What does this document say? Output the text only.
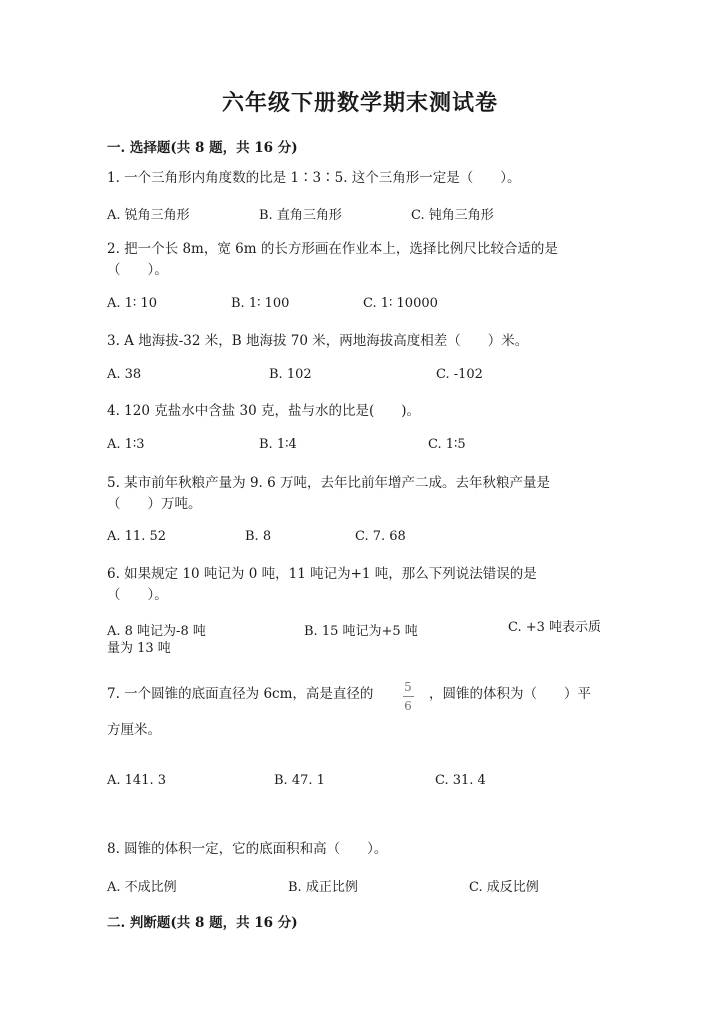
六年级下册数学期末测试卷
一. 选择题(共 8 题，共 16 分)
1. 一个三角形内角度数的比是 1∶3∶5. 这个三角形一定是（　　）。
A. 锐角三角形	B. 直角三角形	C. 钝角三角形
2. 把一个长 8m，宽 6m 的长方形画在作业本上，选择比例尺比较合适的是（　　）。
A. 1∶ 10	B. 1∶ 100	C. 1∶ 10000
3. A 地海拔-32 米，B 地海拔 70 米，两地海拔高度相差（　　）米。
A. 38	B. 102	C. -102
4. 120 克盐水中含盐 30 克，盐与水的比是(　　)。
A. 1∶3	B. 1∶4	C. 1∶5
5. 某市前年秋粮产量为 9. 6 万吨，去年比前年增产二成。去年秋粮产量是（　　）万吨。
A. 11. 52	B. 8	C. 7. 68
6. 如果规定 10 吨记为 0 吨，11 吨记为+1 吨，那么下列说法错误的是（　　）。
A. 8 吨记为-8 吨	B. 15 吨记为+5 吨	C. +3 吨表示质量为 13 吨
7. 一个圆锥的底面直径为 6cm，高是直径的	5
6
，圆锥的体积为（　　）平
方厘米。
A. 141. 3	B. 47. 1	C. 31. 4
8. 圆锥的体积一定，它的底面积和高（　　）。
A. 不成比例	B. 成正比例	C. 成反比例
二. 判断题(共 8 题，共 16 分)
